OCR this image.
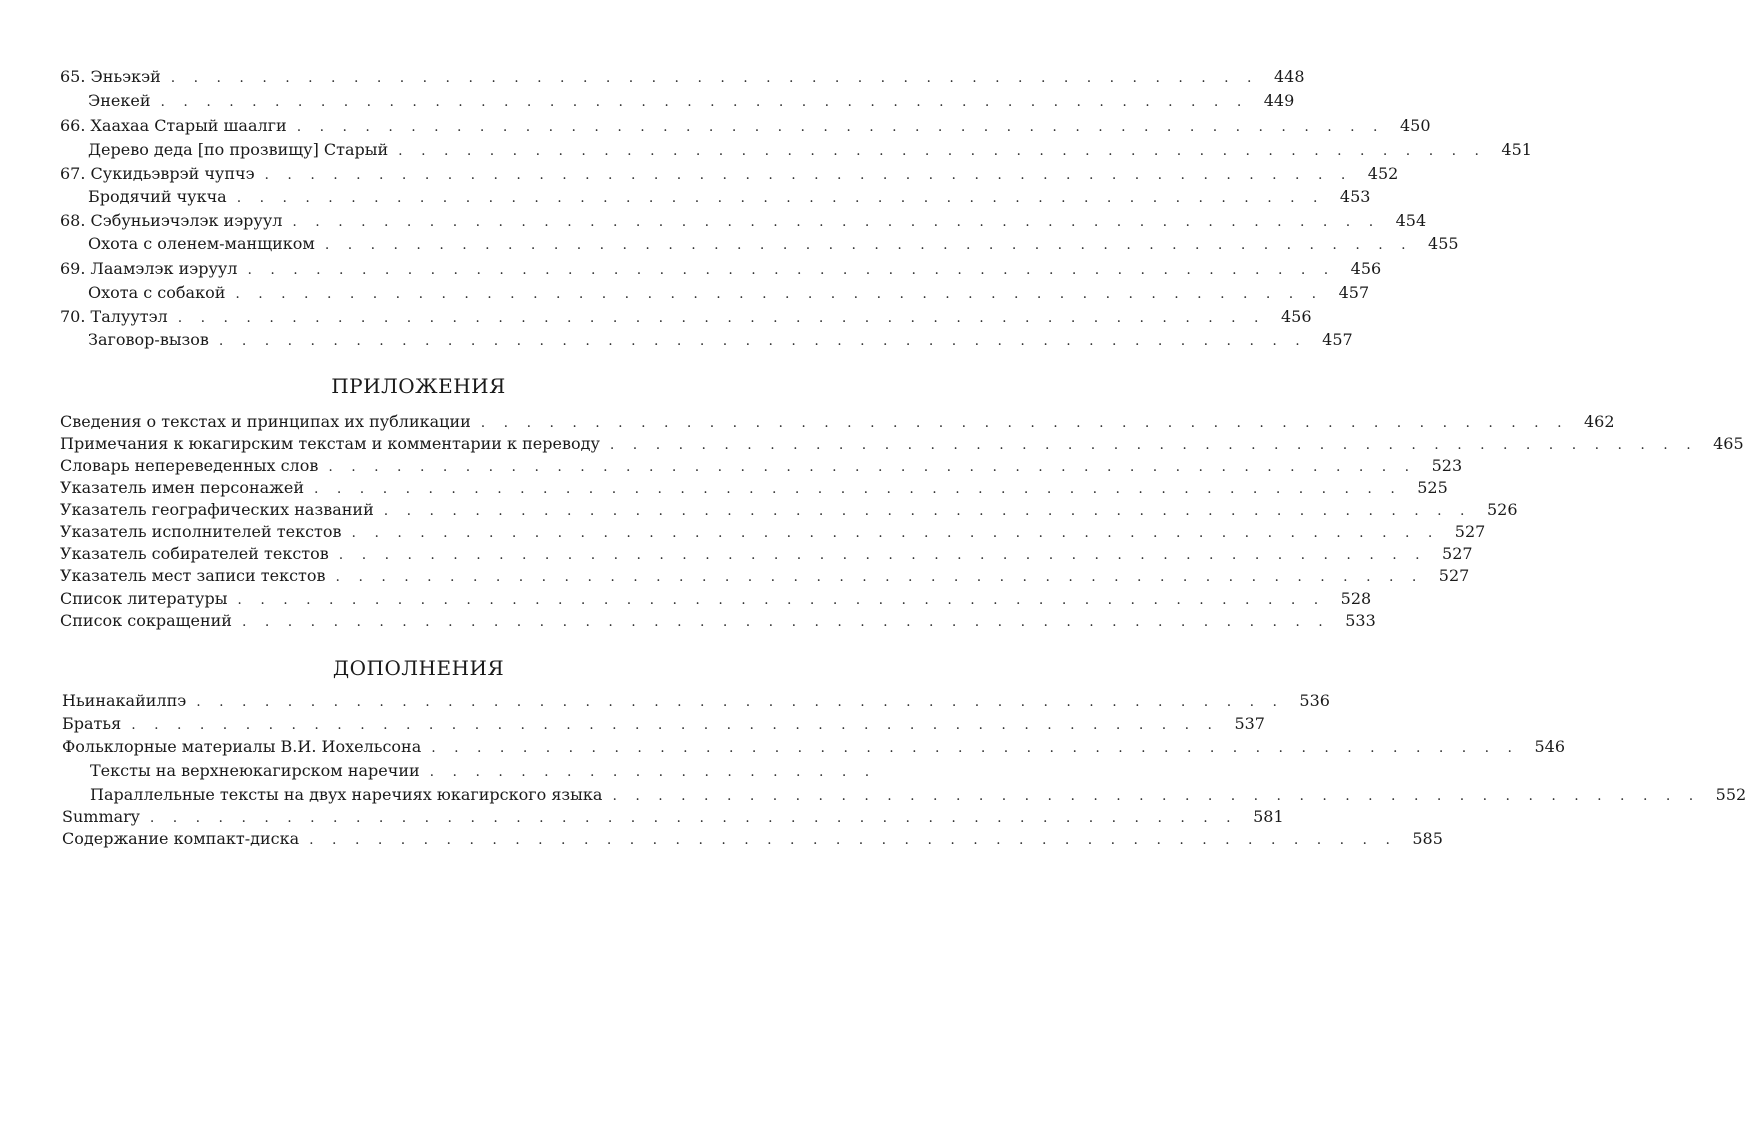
65. Эньэкэй . . . . . . . . . . . . . . . . . . . . . . . . . . . . . . . . . . . . . . . . . . . . . . . . 448
Энекей . . . . . . . . . . . . . . . . . . . . . . . . . . . . . . . . . . . . . . . . . . . . . . . . 449
66. Хаахаа Старый шаалги . . . . . . . . . . . . . . . . . . . . . . . . . . . . . . . . . . . . . . . . . . . . . . . . 450
Дерево деда [по прозвищу] Старый . . . . . . . . . . . . . . . . . . . . . . . . . . . . . . . . . . . . . . . . . . . . . . . . 451
67. Сукидьэврэй чупчэ . . . . . . . . . . . . . . . . . . . . . . . . . . . . . . . . . . . . . . . . . . . . . . . . 452
Бродячий чукча . . . . . . . . . . . . . . . . . . . . . . . . . . . . . . . . . . . . . . . . . . . . . . . . 453
68. Сэбуньиэчэлэк иэруул . . . . . . . . . . . . . . . . . . . . . . . . . . . . . . . . . . . . . . . . . . . . . . . . 454
Охота с оленем-манщиком . . . . . . . . . . . . . . . . . . . . . . . . . . . . . . . . . . . . . . . . . . . . . . . . 455
69. Лаамэлэк иэруул . . . . . . . . . . . . . . . . . . . . . . . . . . . . . . . . . . . . . . . . . . . . . . . . 456
Охота с собакой . . . . . . . . . . . . . . . . . . . . . . . . . . . . . . . . . . . . . . . . . . . . . . . . 457
70. Талуутэл . . . . . . . . . . . . . . . . . . . . . . . . . . . . . . . . . . . . . . . . . . . . . . . . 456
Заговор-вызов . . . . . . . . . . . . . . . . . . . . . . . . . . . . . . . . . . . . . . . . . . . . . . . . 457
ПРИЛОЖЕНИЯ
Сведения о текстах и принципах их публикации . . . . . . . . . . . . . . . . . . . . . . . . . . . . . . . . . . . . . . . . . . . . . . . . 462
Примечания к юкагирским текстам и комментарии к переводу . . . . . . . . . . . . . . . . . . . . . . . . . . . . . . . . . . . . . . . . . . . . . . . . 465
Словарь непереведенных слов . . . . . . . . . . . . . . . . . . . . . . . . . . . . . . . . . . . . . . . . . . . . . . . . 523
Указатель имен персонажей . . . . . . . . . . . . . . . . . . . . . . . . . . . . . . . . . . . . . . . . . . . . . . . . 525
Указатель географических названий . . . . . . . . . . . . . . . . . . . . . . . . . . . . . . . . . . . . . . . . . . . . . . . . 526
Указатель исполнителей текстов . . . . . . . . . . . . . . . . . . . . . . . . . . . . . . . . . . . . . . . . . . . . . . . . 527
Указатель собирателей текстов . . . . . . . . . . . . . . . . . . . . . . . . . . . . . . . . . . . . . . . . . . . . . . . . 527
Указатель мест записи текстов . . . . . . . . . . . . . . . . . . . . . . . . . . . . . . . . . . . . . . . . . . . . . . . . 527
Список литературы . . . . . . . . . . . . . . . . . . . . . . . . . . . . . . . . . . . . . . . . . . . . . . . . 528
Список сокращений . . . . . . . . . . . . . . . . . . . . . . . . . . . . . . . . . . . . . . . . . . . . . . . . 533
ДОПОЛНЕНИЯ
Ньинакайилпэ . . . . . . . . . . . . . . . . . . . . . . . . . . . . . . . . . . . . . . . . . . . . . . . . 536
Братья . . . . . . . . . . . . . . . . . . . . . . . . . . . . . . . . . . . . . . . . . . . . . . . . 537
Фольклорные материалы В.И. Иохельсона . . . . . . . . . . . . . . . . . . . . . . . . . . . . . . . . . . . . . . . . . . . . . . . . 546
Тексты на верхнеюкагирском наречии . . . . . . . . . . . . . . . . . . . .
Параллельные тексты на двух наречиях юкагирского языка . . . . . . . . . . . . . . . . . . . . . . . . . . . . . . . . . . . . . . . . . . . . . . . . 552
Summary . . . . . . . . . . . . . . . . . . . . . . . . . . . . . . . . . . . . . . . . . . . . . . . . 581
Содержание компакт-диска . . . . . . . . . . . . . . . . . . . . . . . . . . . . . . . . . . . . . . . . . . . . . . . . 585
